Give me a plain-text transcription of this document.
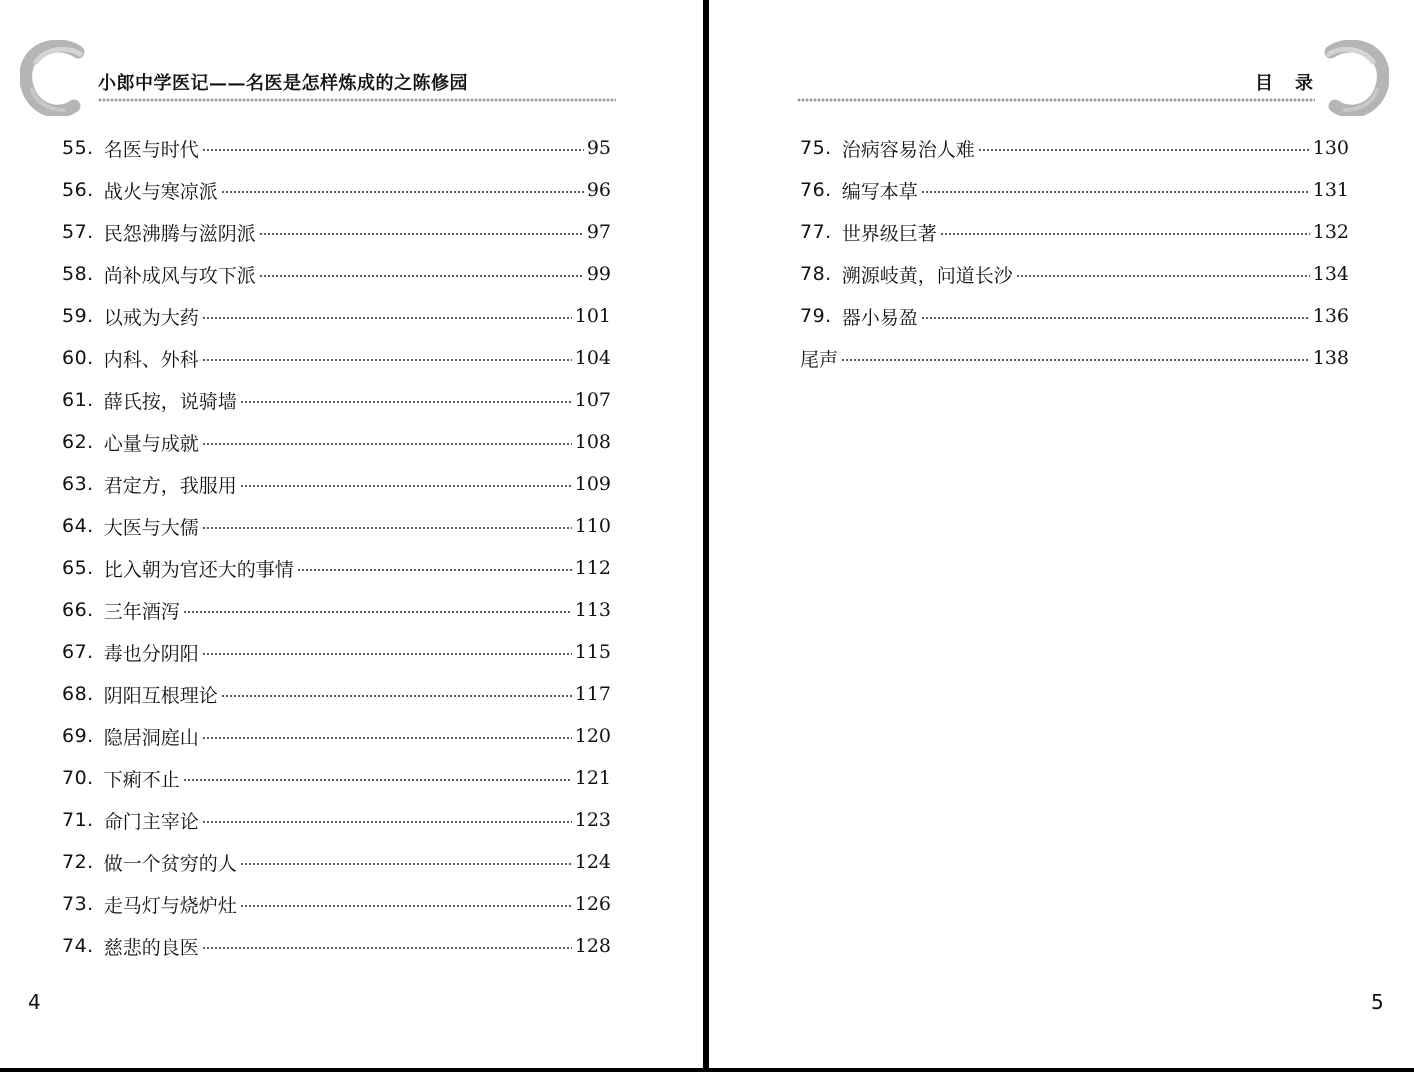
小郎中学医记——名医是怎样炼成的之陈修园
55. 名医与时代	95
56. 战火与寒凉派	96
57. 民怨沸腾与滋阴派	97
58. 尚补成风与攻下派	99
59. 以戒为大药	101
60. 内科、外科	104
61. 薛氏按，说骑墙	107
62. 心量与成就	108
63. 君定方，我服用	109
64. 大医与大儒	110
65. 比入朝为官还大的事情	112
66. 三年酒泻	113
67. 毒也分阴阳	115
68. 阴阳互根理论	117
69. 隐居洞庭山	120
70. 下痢不止	121
71. 命门主宰论	123
72. 做一个贫穷的人	124
73. 走马灯与烧炉灶	126
74. 慈悲的良医	128
4
目录
75. 治病容易治人难	130
76. 编写本草	131
77. 世界级巨著	132
78. 溯源岐黄，问道长沙	134
79. 器小易盈	136
尾声	138
5
